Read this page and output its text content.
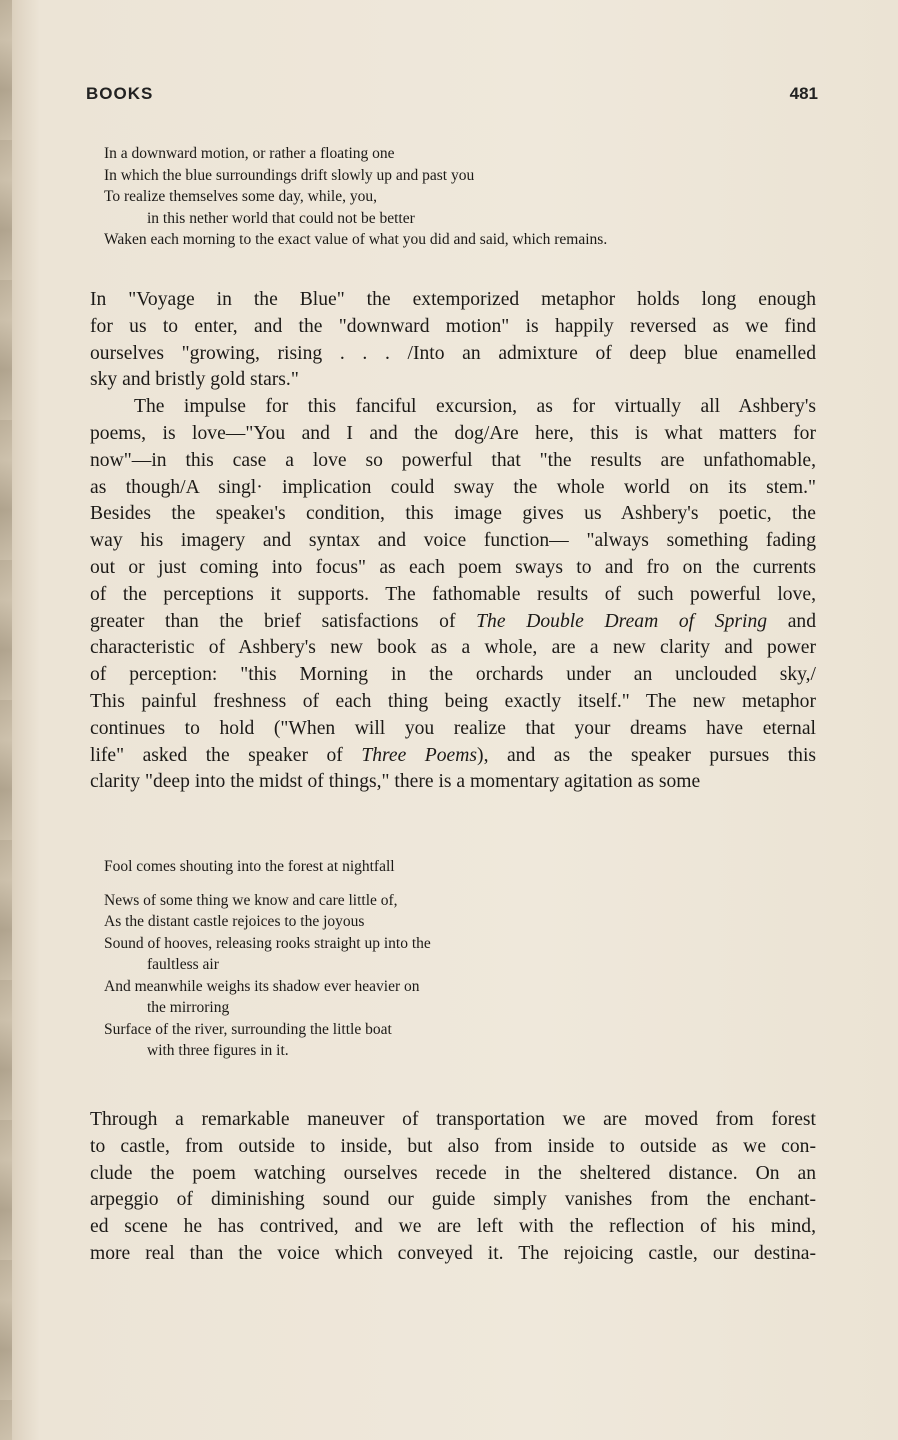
BOOKS	481
In a downward motion, or rather a floating one
In which the blue surroundings drift slowly up and past you
To realize themselves some day, while, you,
in this nether world that could not be better
Waken each morning to the exact value of what you did and said, which remains.
In "Voyage in the Blue" the extemporized metaphor holds long enough
for us to enter, and the "downward motion" is happily reversed as we find
ourselves "growing, rising . . . /Into an admixture of deep blue enamelled
sky and bristly gold stars."
The impulse for this fanciful excursion, as for virtually all Ashbery's
poems, is love—"You and I and the dog/Are here, this is what matters for
now"—in this case a love so powerful that "the results are unfathomable,
as though/A singl· implication could sway the whole world on its stem."
Besides the speakeı's condition, this image gives us Ashbery's poetic, the
way his imagery and syntax and voice function— "always something fading
out or just coming into focus" as each poem sways to and fro on the currents
of the perceptions it supports. The fathomable results of such powerful love,
greater than the brief satisfactions of The Double Dream of Spring and
characteristic of Ashbery's new book as a whole, are a new clarity and power
of perception: "this Morning in the orchards under an unclouded sky,/
This painful freshness of each thing being exactly itself." The new metaphor
continues to hold ("When will you realize that your dreams have eternal
life" asked the speaker of Three Poems), and as the speaker pursues this
clarity "deep into the midst of things," there is a momentary agitation as some
Fool comes shouting into the forest at nightfall
News of some thing we know and care little of,
As the distant castle rejoices to the joyous
Sound of hooves, releasing rooks straight up into the
faultless air
And meanwhile weighs its shadow ever heavier on
the mirroring
Surface of the river, surrounding the little boat
with three figures in it.
Through a remarkable maneuver of transportation we are moved from forest
to castle, from outside to inside, but also from inside to outside as we con-
clude the poem watching ourselves recede in the sheltered distance. On an
arpeggio of diminishing sound our guide simply vanishes from the enchant-
ed scene he has contrived, and we are left with the reflection of his mind,
more real than the voice which conveyed it. The rejoicing castle, our destina-
